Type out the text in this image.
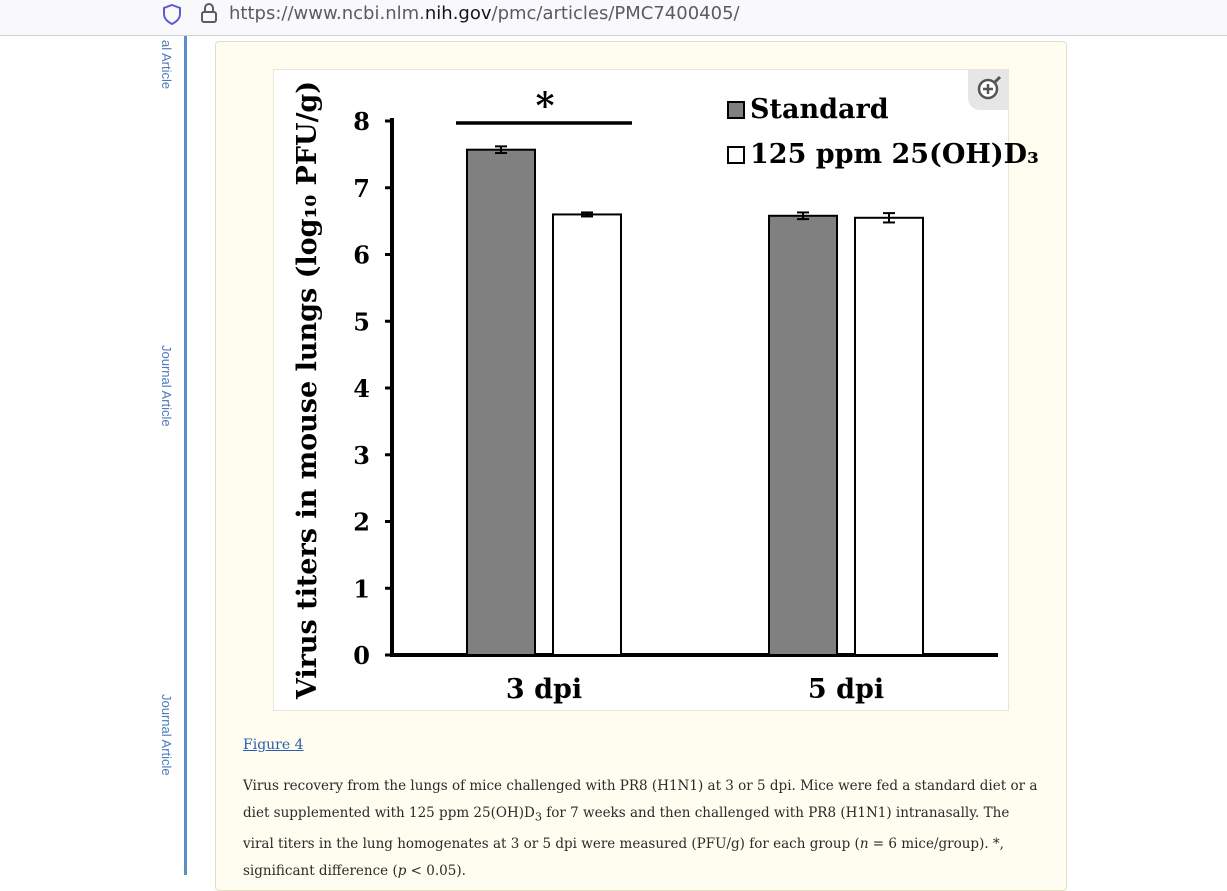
https://www.ncbi.nlm.nih.gov/pmc/articles/PMC7400405/
al Article
Journal Article
Journal Article
0
1
2
3
4
5
6
7
8
Virus titers in mouse lungs (log₁₀ PFU/g)	3 dpi	5 dpi
*	Standard
125 ppm 25(OH)D₃
Figure 4
Virus recovery from the lungs of mice challenged with PR8 (H1N1) at 3 or 5 dpi. Mice were fed a standard diet or a diet supplemented with 125 ppm $25(OH)D_3$ for 7 weeks and then challenged with PR8 (H1N1) intranasally. The viral titers in the lung homogenates at 3 or 5 dpi were measured (PFU/g) for each group (n = 6 mice/group). *, significant difference (p < 0.05).
